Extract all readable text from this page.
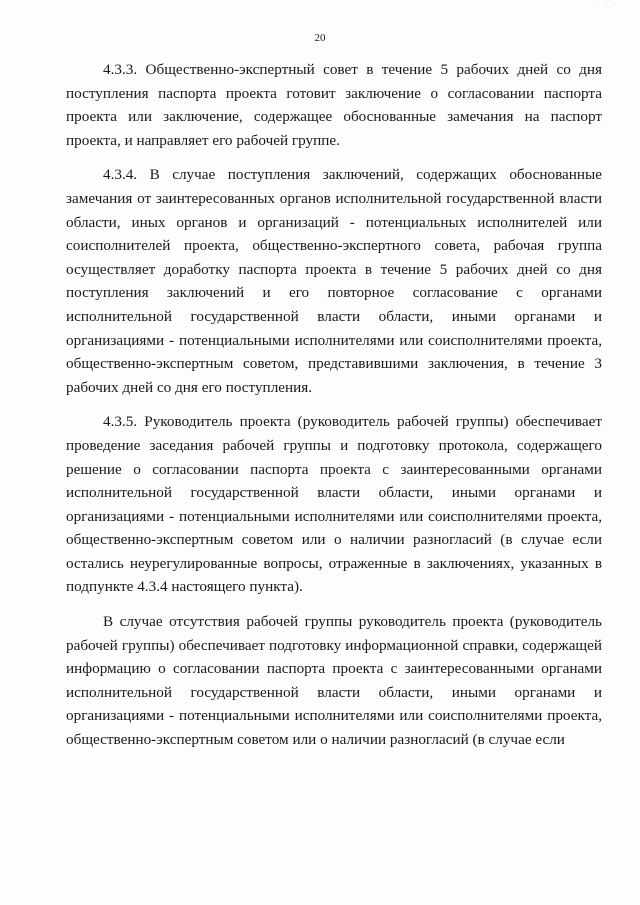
· · ·
20

4.3.3. Общественно-экспертный совет в течение 5 рабочих дней со дня поступления паспорта проекта готовит заключение о согласовании паспорта проекта или заключение, содержащее обоснованные замечания на паспорт проекта, и направляет его рабочей группе.

4.3.4. В случае поступления заключений, содержащих обоснованные замечания от заинтересованных органов исполнительной государственной власти области, иных органов и организаций - потенциальных исполнителей или соисполнителей проекта, общественно-экспертного совета, рабочая группа осуществляет доработку паспорта проекта в течение 5 рабочих дней со дня поступления заключений и его повторное согласование с органами исполнительной государственной власти области, иными органами и организациями - потенциальными исполнителями или соисполнителями проекта, общественно-экспертным советом, представившими заключения, в течение 3 рабочих дней со дня его поступления.

4.3.5. Руководитель проекта (руководитель рабочей группы) обеспечивает проведение заседания рабочей группы и подготовку протокола, содержащего решение о согласовании паспорта проекта с заинтересованными органами исполнительной государственной власти области, иными органами и организациями - потенциальными исполнителями или соисполнителями проекта, общественно-экспертным советом или о наличии разногласий (в случае если остались неурегулированные вопросы, отраженные в заключениях, указанных в подпункте 4.3.4 настоящего пункта).

В случае отсутствия рабочей группы руководитель проекта (руководитель рабочей группы) обеспечивает подготовку информационной справки, содержащей информацию о согласовании паспорта проекта с заинтересованными органами исполнительной государственной власти области, иными органами и организациями - потенциальными исполнителями или соисполнителями проекта, общественно-экспертным советом или о наличии разногласий (в случае если
